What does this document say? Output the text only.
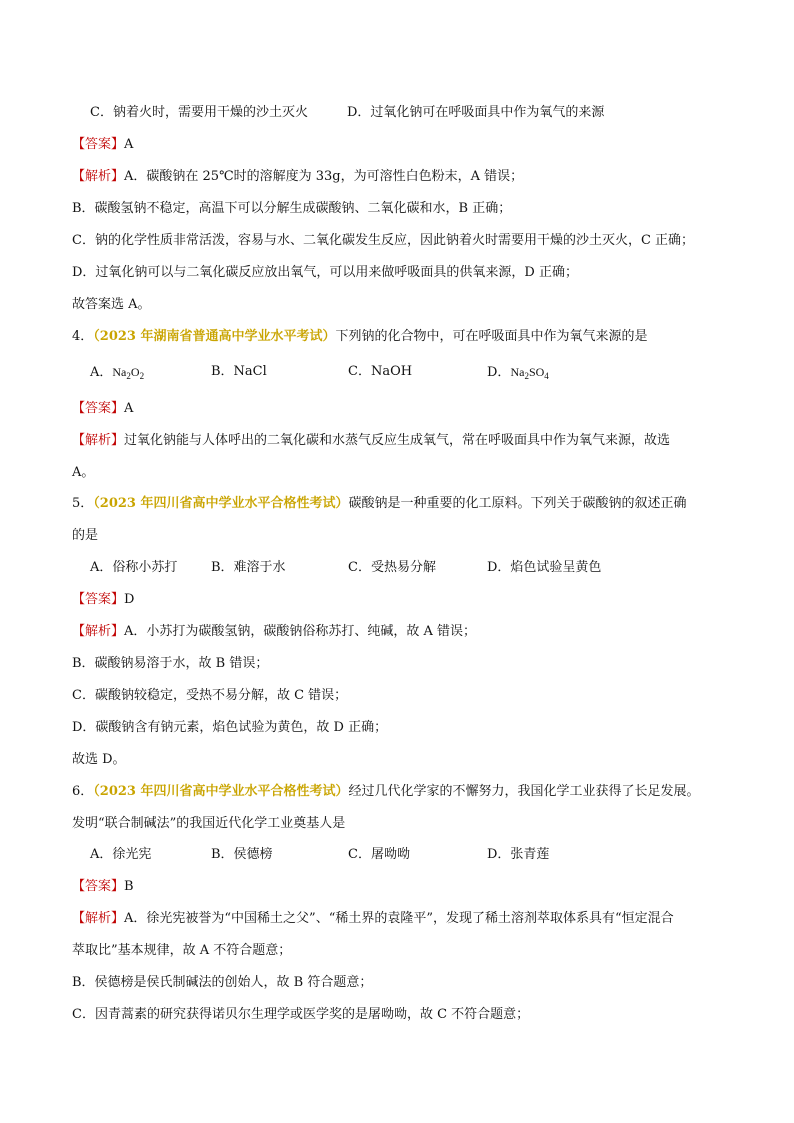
C．钠着火时，需要用干燥的沙土灭火	D．过氧化钠可在呼吸面具中作为氧气的来源
【答案】A
【解析】A．碳酸钠在 25℃时的溶解度为 33g，为可溶性白色粉末，A 错误；
B．碳酸氢钠不稳定，高温下可以分解生成碳酸钠、二氧化碳和水，B 正确；
C．钠的化学性质非常活泼，容易与水、二氧化碳发生反应，因此钠着火时需要用干燥的沙土灭火，C 正确；
D．过氧化钠可以与二氧化碳反应放出氧气，可以用来做呼吸面具的供氧来源，D 正确；
故答案选 A。
4．（2023 年湖南省普通高中学业水平考试）下列钠的化合物中，可在呼吸面具中作为氧气来源的是
A．$Na_2O_2$	B．NaCl	C．NaOH	D．$Na_2SO_4$
【答案】A
【解析】过氧化钠能与人体呼出的二氧化碳和水蒸气反应生成氧气，常在呼吸面具中作为氧气来源，故选
A。
5．（2023 年四川省高中学业水平合格性考试）碳酸钠是一种重要的化工原料。下列关于碳酸钠的叙述正确
的是
A．俗称小苏打	B．难溶于水	C．受热易分解	D．焰色试验呈黄色
【答案】D
【解析】A．小苏打为碳酸氢钠，碳酸钠俗称苏打、纯碱，故 A 错误；
B．碳酸钠易溶于水，故 B 错误；
C．碳酸钠较稳定，受热不易分解，故 C 错误；
D．碳酸钠含有钠元素，焰色试验为黄色，故 D 正确；
故选 D。
6．（2023 年四川省高中学业水平合格性考试）经过几代化学家的不懈努力，我国化学工业获得了长足发展。
发明“联合制碱法”的我国近代化学工业奠基人是
A．徐光宪	B．侯德榜	C．屠呦呦	D．张青莲
【答案】B
【解析】A．徐光宪被誉为“中国稀土之父”、“稀土界的袁隆平”，发现了稀土溶剂萃取体系具有“恒定混合
萃取比”基本规律，故 A 不符合题意；
B．侯德榜是侯氏制碱法的创始人，故 B 符合题意；
C．因青蒿素的研究获得诺贝尔生理学或医学奖的是屠呦呦，故 C 不符合题意；
